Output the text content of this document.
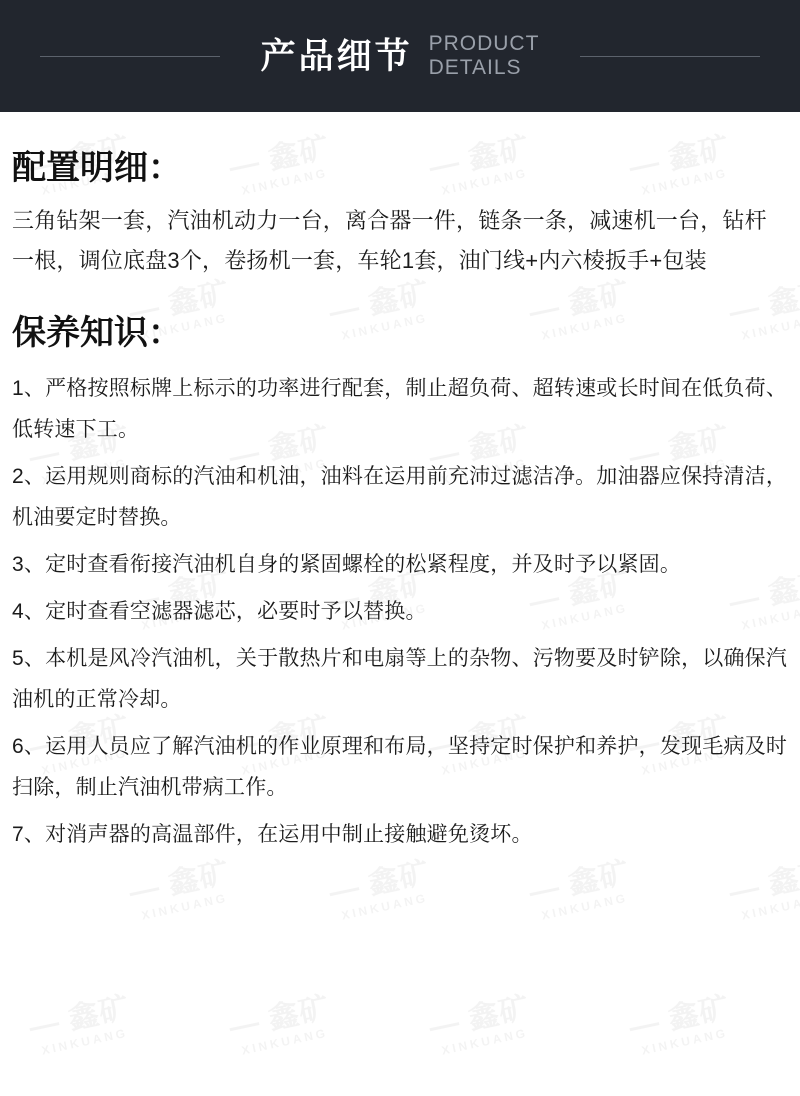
产品细节 PRODUCT
DETAILS
配置明细：

三角钻架一套，汽油机动力一台，离合器一件，链条一条，减速机一台，钻杆一根，调位底盘3个，卷扬机一套，车轮1套，油门线+内六棱扳手+包装

保养知识：

1、严格按照标牌上标示的功率进行配套，制止超负荷、超转速或长时间在低负荷、低转速下工。

2、运用规则商标的汽油和机油，油料在运用前充沛过滤洁净。加油器应保持清洁，机油要定时替换。

3、定时查看衔接汽油机自身的紧固螺栓的松紧程度，并及时予以紧固。

4、定时查看空滤器滤芯，必要时予以替换。

5、本机是风冷汽油机，关于散热片和电扇等上的杂物、污物要及时铲除，以确保汽油机的正常冷却。

6、运用人员应了解汽油机的作业原理和布局，坚持定时保护和养护，发现毛病及时扫除，制止汽油机带病工作。

7、对消声器的高温部件，在运用中制止接触避免烫坏。
